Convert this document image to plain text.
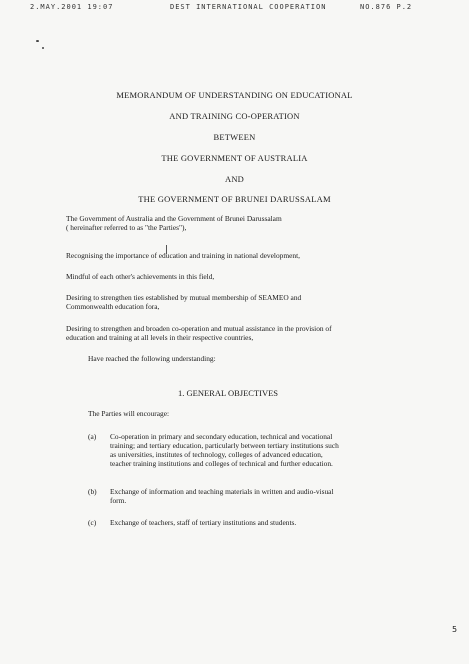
2.MAY.2001 19:07	DEST INTERNATIONAL COOPERATION	NO.876 P.2
MEMORANDUM OF UNDERSTANDING ON EDUCATIONAL
AND TRAINING CO-OPERATION
BETWEEN
THE GOVERNMENT OF AUSTRALIA
AND
THE GOVERNMENT OF BRUNEI DARUSSALAM
The Government of Australia and the Government of Brunei Darussalam
( hereinafter referred to as "the Parties"),
Recognising the importance of education and training in national development,
Mindful of each other's achievements in this field,
Desiring to strengthen ties established by mutual membership of SEAMEO and
Commonwealth education fora,
Desiring to strengthen and broaden co-operation and mutual assistance in the provision of
education and training at all levels in their respective countries,
Have reached the following understanding:
1. GENERAL OBJECTIVES
The Parties will encourage:
(a) Co-operation in primary and secondary education, technical and vocational
training; and tertiary education, particularly between tertiary institutions such
as universities, institutes of technology, colleges of advanced education,
teacher training institutions and colleges of technical and further education.
(b) Exchange of information and teaching materials in written and audio-visual
form.
(c) Exchange of teachers, staff of tertiary institutions and students.
5
